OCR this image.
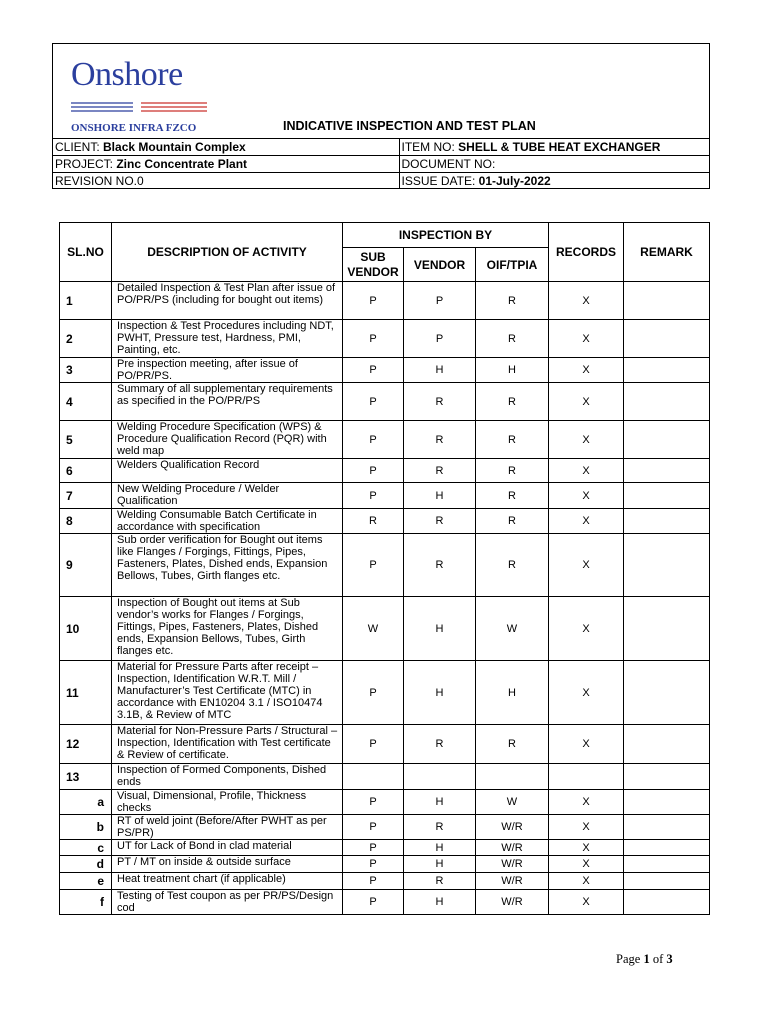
Onshore
ONSHORE INFRA FZCO	INDICATIVE INSPECTION AND TEST PLAN
CLIENT: Black Mountain Complex	ITEM NO: SHELL & TUBE HEAT EXCHANGER
PROJECT: Zinc Concentrate Plant	DOCUMENT NO:
REVISION NO.0	ISSUE DATE: 01-July-2022
SL.NO	DESCRIPTION OF ACTIVITY	INSPECTION BY			RECORDS	REMARK
		SUB VENDOR	VENDOR	OIF/TPIA		
1	Detailed Inspection & Test Plan after issue of PO/PR/PS (including for bought out items)	P	P	R	X	
2	Inspection & Test Procedures including NDT, PWHT, Pressure test, Hardness, PMI, Painting, etc.	P	P	R	X	
3	Pre inspection meeting, after issue of PO/PR/PS.	P	H	H	X	
4	Summary of all supplementary requirements as specified in the PO/PR/PS	P	R	R	X	
5	Welding Procedure Specification (WPS) & Procedure Qualification Record (PQR) with weld map	P	R	R	X	
6	Welders Qualification Record	P	R	R	X	
7	New Welding Procedure / Welder Qualification	P	H	R	X	
8	Welding Consumable Batch Certificate in accordance with specification	R	R	R	X	
9	Sub order verification for Bought out items like Flanges / Forgings, Fittings, Pipes, Fasteners, Plates, Dished ends, Expansion Bellows, Tubes, Girth flanges etc.	P	R	R	X	
10	Inspection of Bought out items at Sub vendor’s works for Flanges / Forgings, Fittings, Pipes, Fasteners, Plates, Dished ends, Expansion Bellows, Tubes, Girth flanges etc.	W	H	W	X	
11	Material for Pressure Parts after receipt – Inspection, Identification W.R.T. Mill / Manufacturer’s Test Certificate (MTC) in accordance with EN10204 3.1 / ISO10474 3.1B, & Review of MTC	P	H	H	X	
12	Material for Non-Pressure Parts / Structural – Inspection, Identification with Test certificate & Review of certificate.	P	R	R	X	
13	Inspection of Formed Components, Dished ends					
a	Visual, Dimensional, Profile, Thickness checks	P	H	W	X	
b	RT of weld joint (Before/After PWHT as per PS/PR)	P	R	W/R	X	
c	UT for Lack of Bond in clad material	P	H	W/R	X	
d	PT / MT on inside & outside surface	P	H	W/R	X	
e	Heat treatment chart (if applicable)	P	R	W/R	X	
f	Testing of Test coupon as per PR/PS/Design cod	P	H	W/R	X	
Page 1 of 3
